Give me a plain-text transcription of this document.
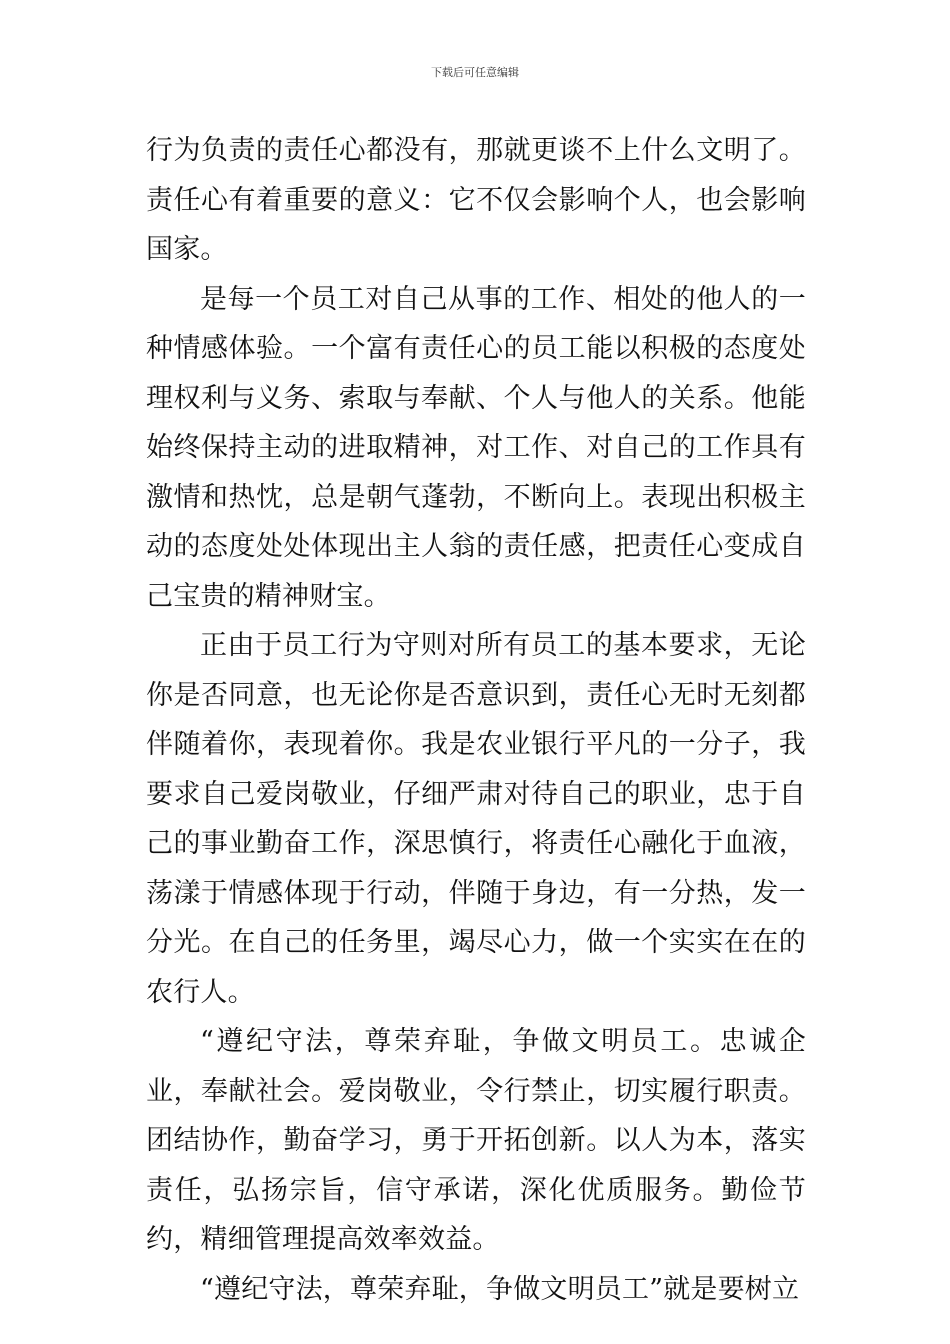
下载后可任意编辑

行为负责的责任心都没有，那就更谈不上什么文明了。责任心有着重要的意义：它不仅会影响个人，也会影响国家。

是每一个员工对自己从事的工作、相处的他人的一种情感体验。一个富有责任心的员工能以积极的态度处理权利与义务、索取与奉献、个人与他人的关系。他能始终保持主动的进取精神，对工作、对自己的工作具有激情和热忱，总是朝气蓬勃，不断向上。表现出积极主动的态度处处体现出主人翁的责任感，把责任心变成自己宝贵的精神财宝。

正由于员工行为守则对所有员工的基本要求，无论你是否同意，也无论你是否意识到，责任心无时无刻都伴随着你，表现着你。我是农业银行平凡的一分子，我要求自己爱岗敬业，仔细严肃对待自己的职业，忠于自己的事业勤奋工作，深思慎行，将责任心融化于血液，荡漾于情感体现于行动，伴随于身边，有一分热，发一分光。在自己的任务里，竭尽心力，做一个实实在在的农行人。

“遵纪守法，尊荣弃耻，争做文明员工。忠诚企业，奉献社会。爱岗敬业，令行禁止，切实履行职责。团结协作，勤奋学习，勇于开拓创新。以人为本，落实责任，弘扬宗旨，信守承诺，深化优质服务。勤俭节约，精细管理提高效率效益。

“遵纪守法，尊荣弃耻，争做文明员工”就是要树立
